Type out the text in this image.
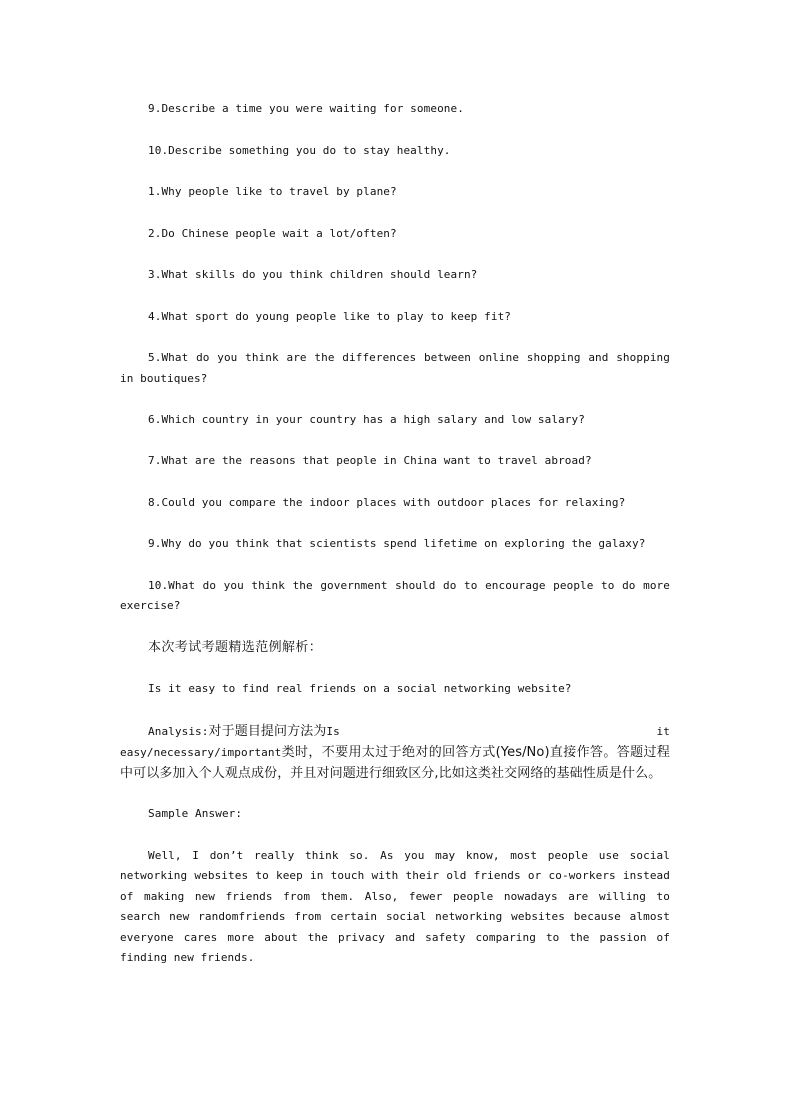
9.Describe a time you were waiting for someone.

10.Describe something you do to stay healthy.

1.Why people like to travel by plane?

2.Do Chinese people wait a lot/often?

3.What skills do you think children should learn?

4.What sport do young people like to play to keep fit?

5.What do you think are the differences between online shopping and shopping in boutiques?

6.Which country in your country has a high salary and low salary?

7.What are the reasons that people in China want to travel abroad?

8.Could you compare the indoor places with outdoor places for relaxing?

9.Why do you think that scientists spend lifetime on exploring the galaxy?

10.What do you think the government should do to encourage people to do more exercise?

本次考试考题精选范例解析：

Is it easy to find real friends on a social networking website?

Analysis:对于题目提问方法为Is	it
easy/necessary/important类时，不要用太过于绝对的回答方式(Yes/No)直接作答。答题过程中可以多加入个人观点成份，并且对问题进行细致区分,比如这类社交网络的基础性质是什么。

Sample Answer:

Well, I don’t really think so. As you may know, most people use social networking websites to keep in touch with their old friends or co-workers instead of making new friends from them. Also, fewer people nowadays are willing to search new randomfriends from certain social networking websites because almost everyone cares more about the privacy and safety comparing to the passion of finding new friends.
